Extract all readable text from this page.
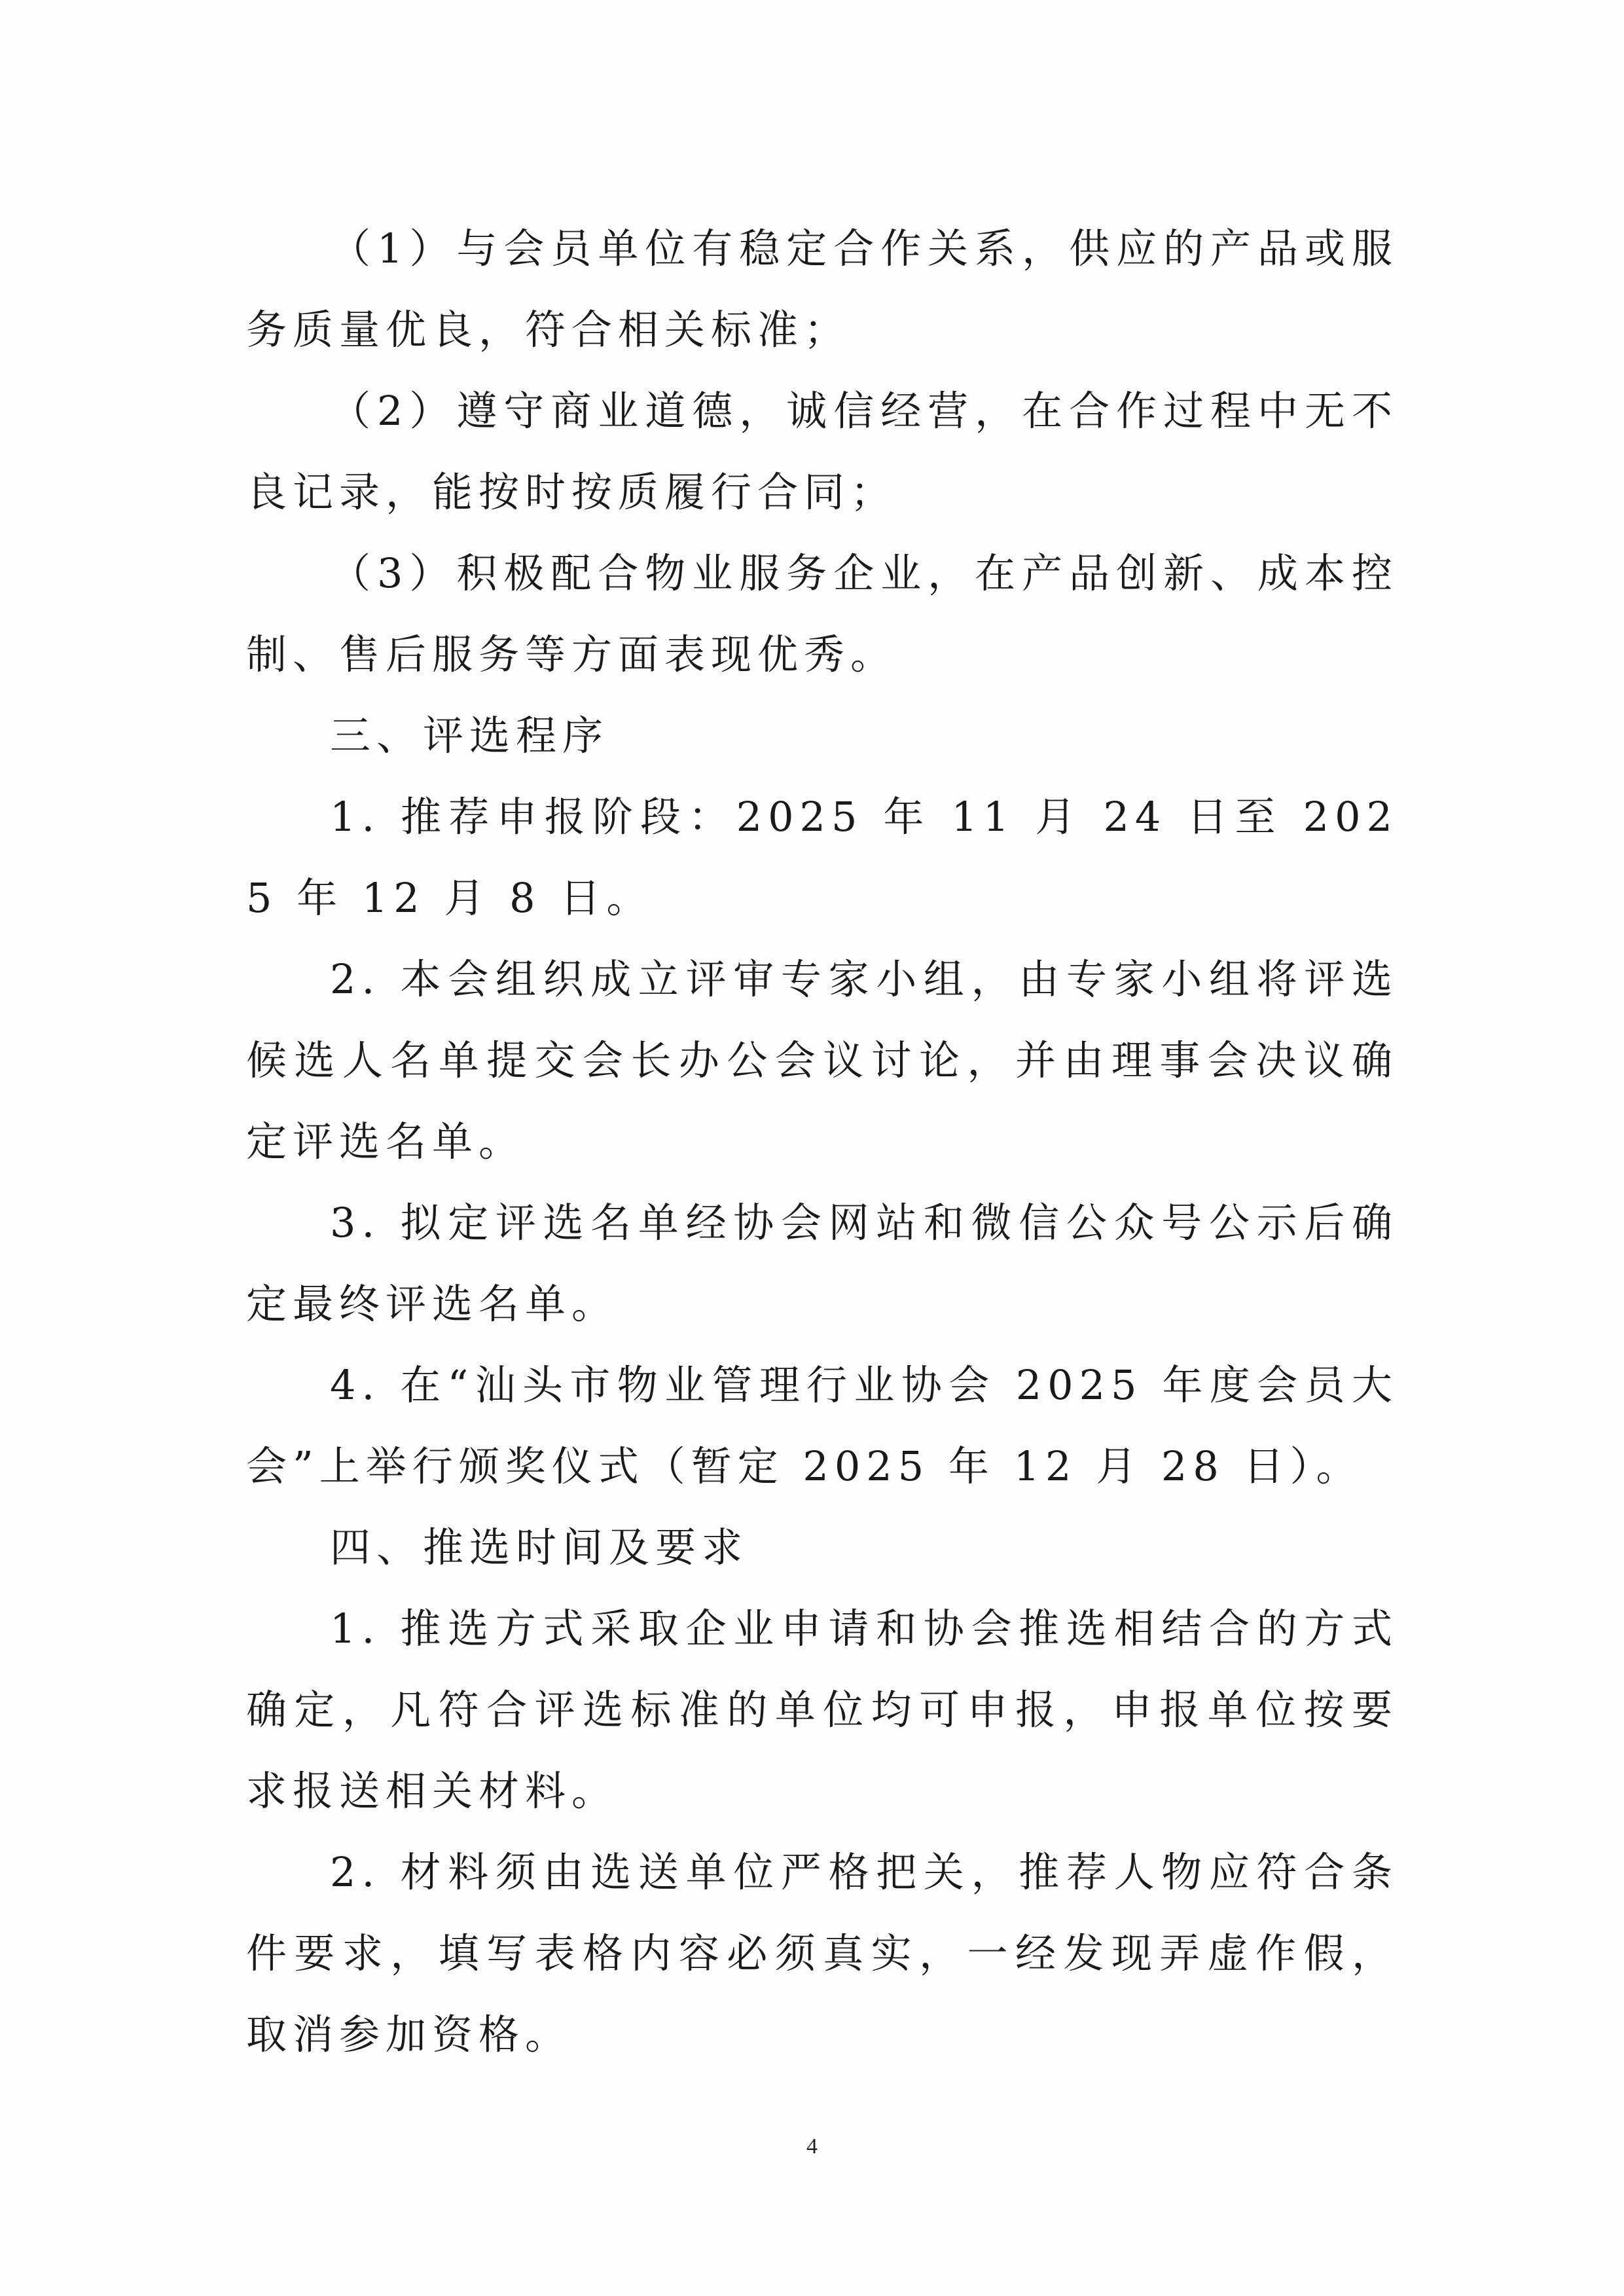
（1）与会员单位有稳定合作关系，供应的产品或服务质量优良，符合相关标准；

（2）遵守商业道德，诚信经营，在合作过程中无不良记录，能按时按质履行合同；

（3）积极配合物业服务企业，在产品创新、成本控制、售后服务等方面表现优秀。

三、评选程序

1. 推荐申报阶段：2025 年 11 月 24 日至 2025 年 12 月 8 日。

2. 本会组织成立评审专家小组，由专家小组将评选候选人名单提交会长办公会议讨论，并由理事会决议确定评选名单。

3. 拟定评选名单经协会网站和微信公众号公示后确定最终评选名单。

4. 在“汕头市物业管理行业协会 2025 年度会员大会”上举行颁奖仪式（暂定 2025 年 12 月 28 日）。

四、推选时间及要求

1. 推选方式采取企业申请和协会推选相结合的方式确定，凡符合评选标准的单位均可申报，申报单位按要求报送相关材料。

2. 材料须由选送单位严格把关，推荐人物应符合条件要求，填写表格内容必须真实，一经发现弄虚作假，取消参加资格。

4
